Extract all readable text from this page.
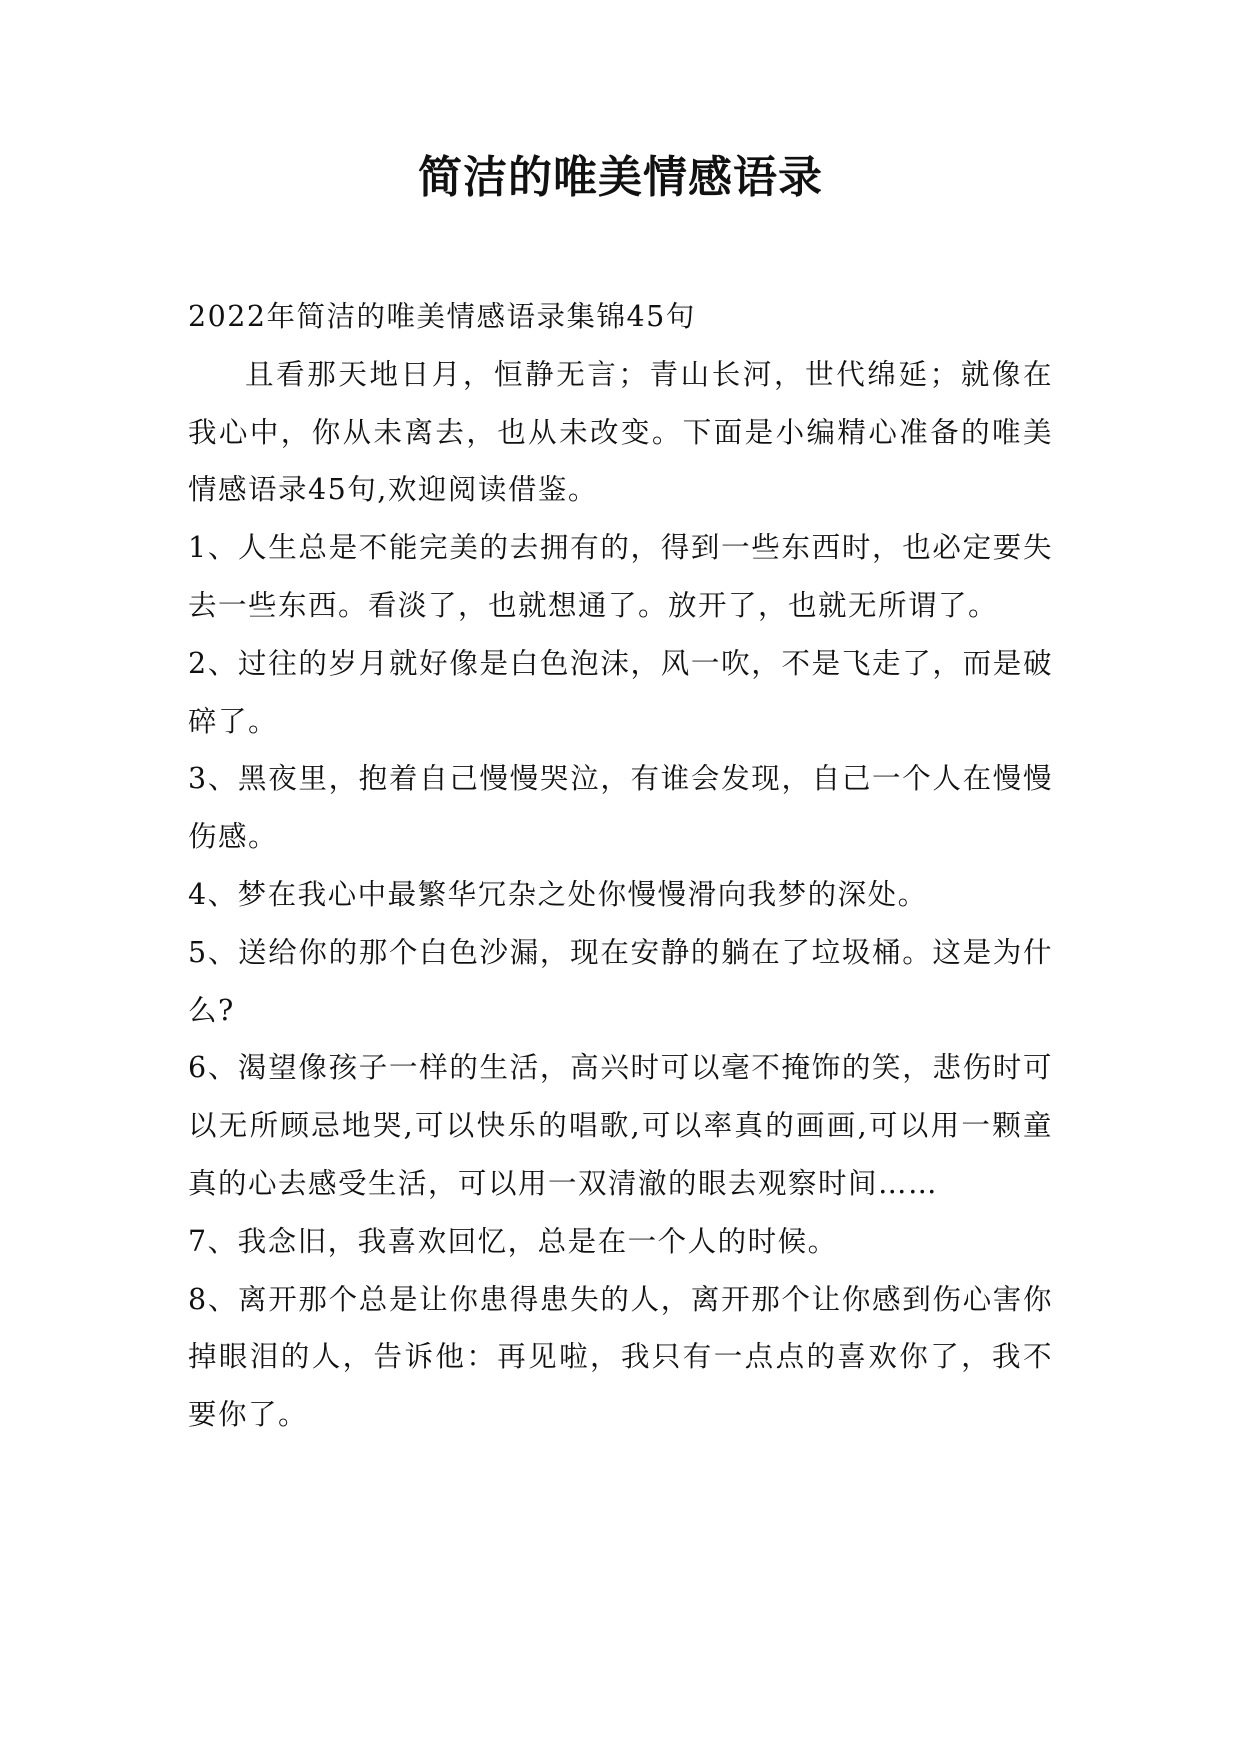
简洁的唯美情感语录

2022年简洁的唯美情感语录集锦45句

且看那天地日月，恒静无言；青山长河，世代绵延；就像在我心中，你从未离去，也从未改变。下面是小编精心准备的唯美情感语录45句,欢迎阅读借鉴。

1、人生总是不能完美的去拥有的，得到一些东西时，也必定要失去一些东西。看淡了，也就想通了。放开了，也就无所谓了。

2、过往的岁月就好像是白色泡沫，风一吹，不是飞走了，而是破碎了。

3、黑夜里，抱着自己慢慢哭泣，有谁会发现，自己一个人在慢慢伤感。

4、梦在我心中最繁华冗杂之处你慢慢滑向我梦的深处。

5、送给你的那个白色沙漏，现在安静的躺在了垃圾桶。这是为什么?

6、渴望像孩子一样的生活，高兴时可以毫不掩饰的笑，悲伤时可以无所顾忌地哭,可以快乐的唱歌,可以率真的画画,可以用一颗童真的心去感受生活，可以用一双清澈的眼去观察时间……

7、我念旧，我喜欢回忆，总是在一个人的时候。

8、离开那个总是让你患得患失的人，离开那个让你感到伤心害你掉眼泪的人，告诉他：再见啦，我只有一点点的喜欢你了，我不要你了。
